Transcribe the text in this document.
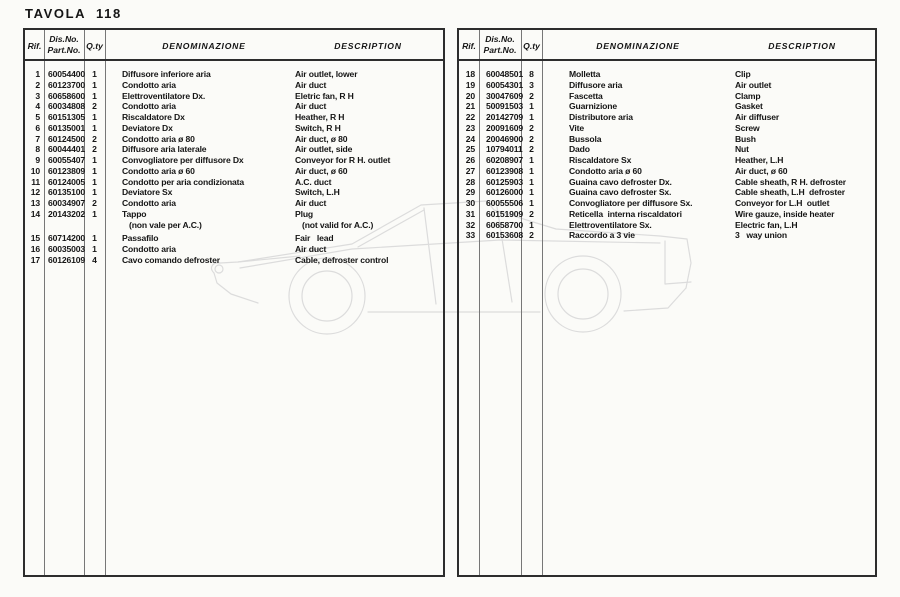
TAVOLA  118
Rif.
Dis.No.
Part.No. Q.ty	DENOMINAZIONE	DESCRIPTION
1 60054400 1	Diffusore inferiore aria	Air outlet, lower
2 60123700 1	Condotto aria	Air duct
3 60658600 1	Elettroventilatore Dx.	Eletric fan, R H
4 60034808 2	Condotto aria	Air duct
5 60151305 1	Riscaldatore Dx	Heather, R H
6 60135001 1	Deviatore Dx	Switch, R H
7 60124500 2	Condotto aria ø 80	Air duct, ø 80
8 60044401 2	Diffusore aria laterale	Air outlet, side
9 60055407 1	Convogliatore per diffusore Dx	Conveyor for R H. outlet
10 60123809 1	Condotto aria ø 60	Air duct, ø 60
11 60124005 1	Condotto per aria condizionata	A.C. duct
12 60135100 1	Deviatore Sx	Switch, L.H
13 60034907 2	Condotto aria	Air duct
14 20143202 1	Tappo	Plug
(non vale per A.C.)	(not valid for A.C.)
15 60714200 1	Passafilo	Fair   lead
16 60035003 1	Condotto aria	Air duct
17 60126109 4	Cavo comando defroster	Cable, defroster control
Rif.
Dis.No.
Part.No. Q.ty	DENOMINAZIONE	DESCRIPTION
18 60048501 8	Molletta	Clip
19 60054301 3	Diffusore aria	Air outlet
20 30047609 2	Fascetta	Clamp
21 50091503 1	Guarnizione	Gasket
22 20142709 1	Distributore aria	Air diffuser
23 20091609 2	Vite	Screw
24 20046900 2	Bussola	Bush
25 10794011 2	Dado	Nut
26 60208907 1	Riscaldatore Sx	Heather, L.H
27 60123908 1	Condotto aria ø 60	Air duct, ø 60
28 60125903 1	Guaina cavo defroster Dx.	Cable sheath, R H. defroster
29 60126000 1	Guaina cavo defroster Sx.	Cable sheath, L.H  defroster
30 60055506 1	Convogliatore per diffusore Sx.	Conveyor for L.H  outlet
31 60151909 2	Reticella  interna riscaldatori	Wire gauze, inside heater
32 60658700 1	Elettroventilatore Sx.	Electric fan, L.H
33 60153608 2	Raccordo a 3 vie	3   way union
